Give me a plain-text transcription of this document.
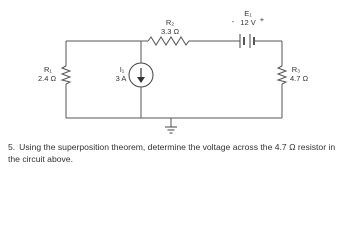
R₂
3.3 Ω
-	+
E₁
12 V
R₁
2.4 Ω
R₃
4.7 Ω
I₁
3 A
5. Using the superposition theorem, determine the voltage across the 4.7 Ω resistor in the circuit above.
